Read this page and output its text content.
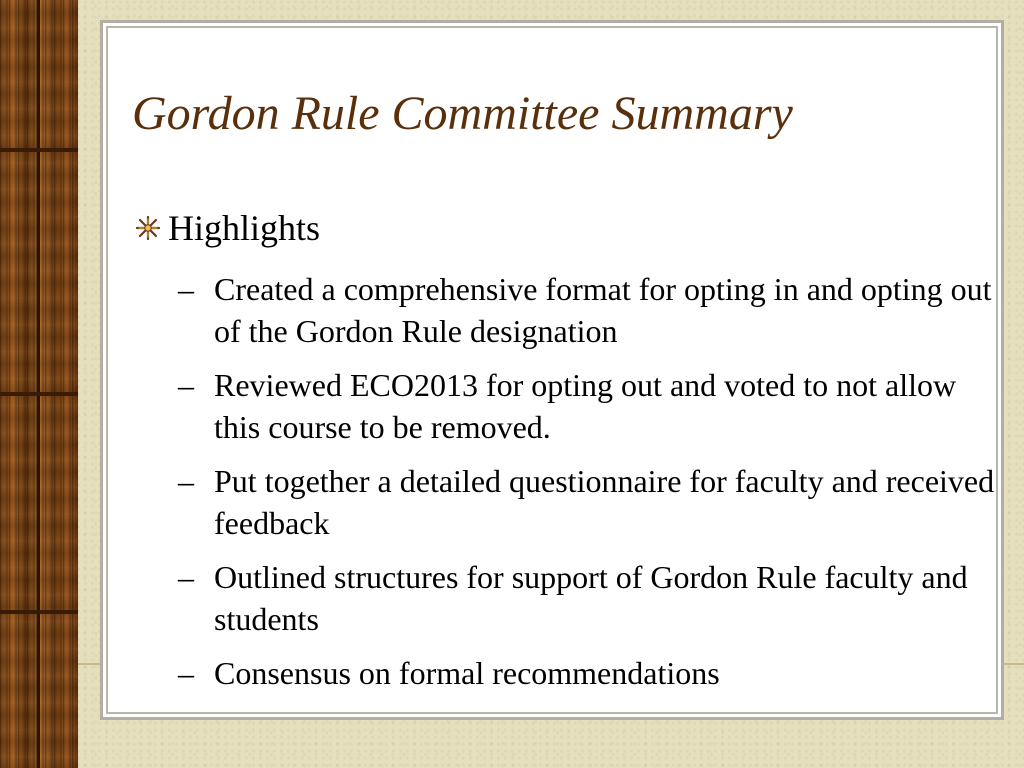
Gordon Rule Committee Summary
Highlights
– Created a comprehensive format for opting in and opting out of the Gordon Rule designation
– Reviewed ECO2013 for opting out and voted to not allow this course to be removed.
– Put together a detailed questionnaire for faculty and received feedback
– Outlined structures for support of Gordon Rule faculty and students
– Consensus on formal recommendations
